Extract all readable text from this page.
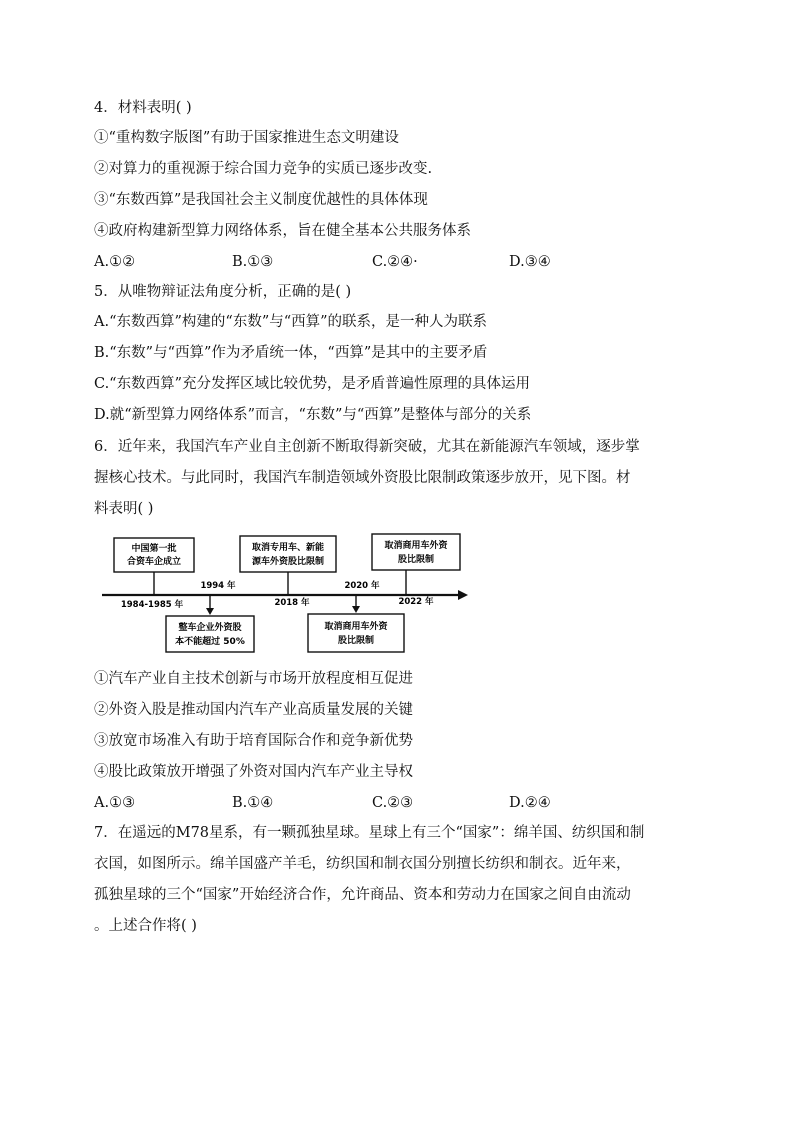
4．材料表明( )
①“重构数字版图”有助于国家推进生态文明建设
②对算力的重视源于综合国力竞争的实质已逐步改变.
③“东数西算”是我国社会主义制度优越性的具体体现
④政府构建新型算力网络体系，旨在健全基本公共服务体系
A.①②	B.①③	C.②④·	D.③④
5．从唯物辩证法角度分析，正确的是( )
A.“东数西算”构建的“东数”与“西算”的联系，是一种人为联系
B.“东数”与“西算”作为矛盾统一体，“西算”是其中的主要矛盾
C.“东数西算”充分发挥区域比较优势，是矛盾普遍性原理的具体运用
D.就“新型算力网络体系”而言，“东数”与“西算”是整体与部分的关系
6．近年来，我国汽车产业自主创新不断取得新突破，尤其在新能源汽车领域，逐步掌
握核心技术。与此同时，我国汽车制造领域外资股比限制政策逐步放开，见下图。材
料表明( )
中国第一批
合资车企成立
取消专用车、新能
源车外资股比限制
取消商用车外资
股比限制
1984-1985 年
1994 年
2018 年
2020 年
2022 年
整车企业外资股
本不能超过 50%
取消商用车外资
股比限制
①汽车产业自主技术创新与市场开放程度相互促进
②外资入股是推动国内汽车产业高质量发展的关键
③放宽市场准入有助于培育国际合作和竞争新优势
④股比政策放开增强了外资对国内汽车产业主导权
A.①③	B.①④	C.②③	D.②④
7．在遥远的M78星系，有一颗孤独星球。星球上有三个“国家”：绵羊国、纺织国和制
衣国，如图所示。绵羊国盛产羊毛，纺织国和制衣国分别擅长纺织和制衣。近年来，
孤独星球的三个“国家”开始经济合作，允许商品、资本和劳动力在国家之间自由流动
。上述合作将( )
